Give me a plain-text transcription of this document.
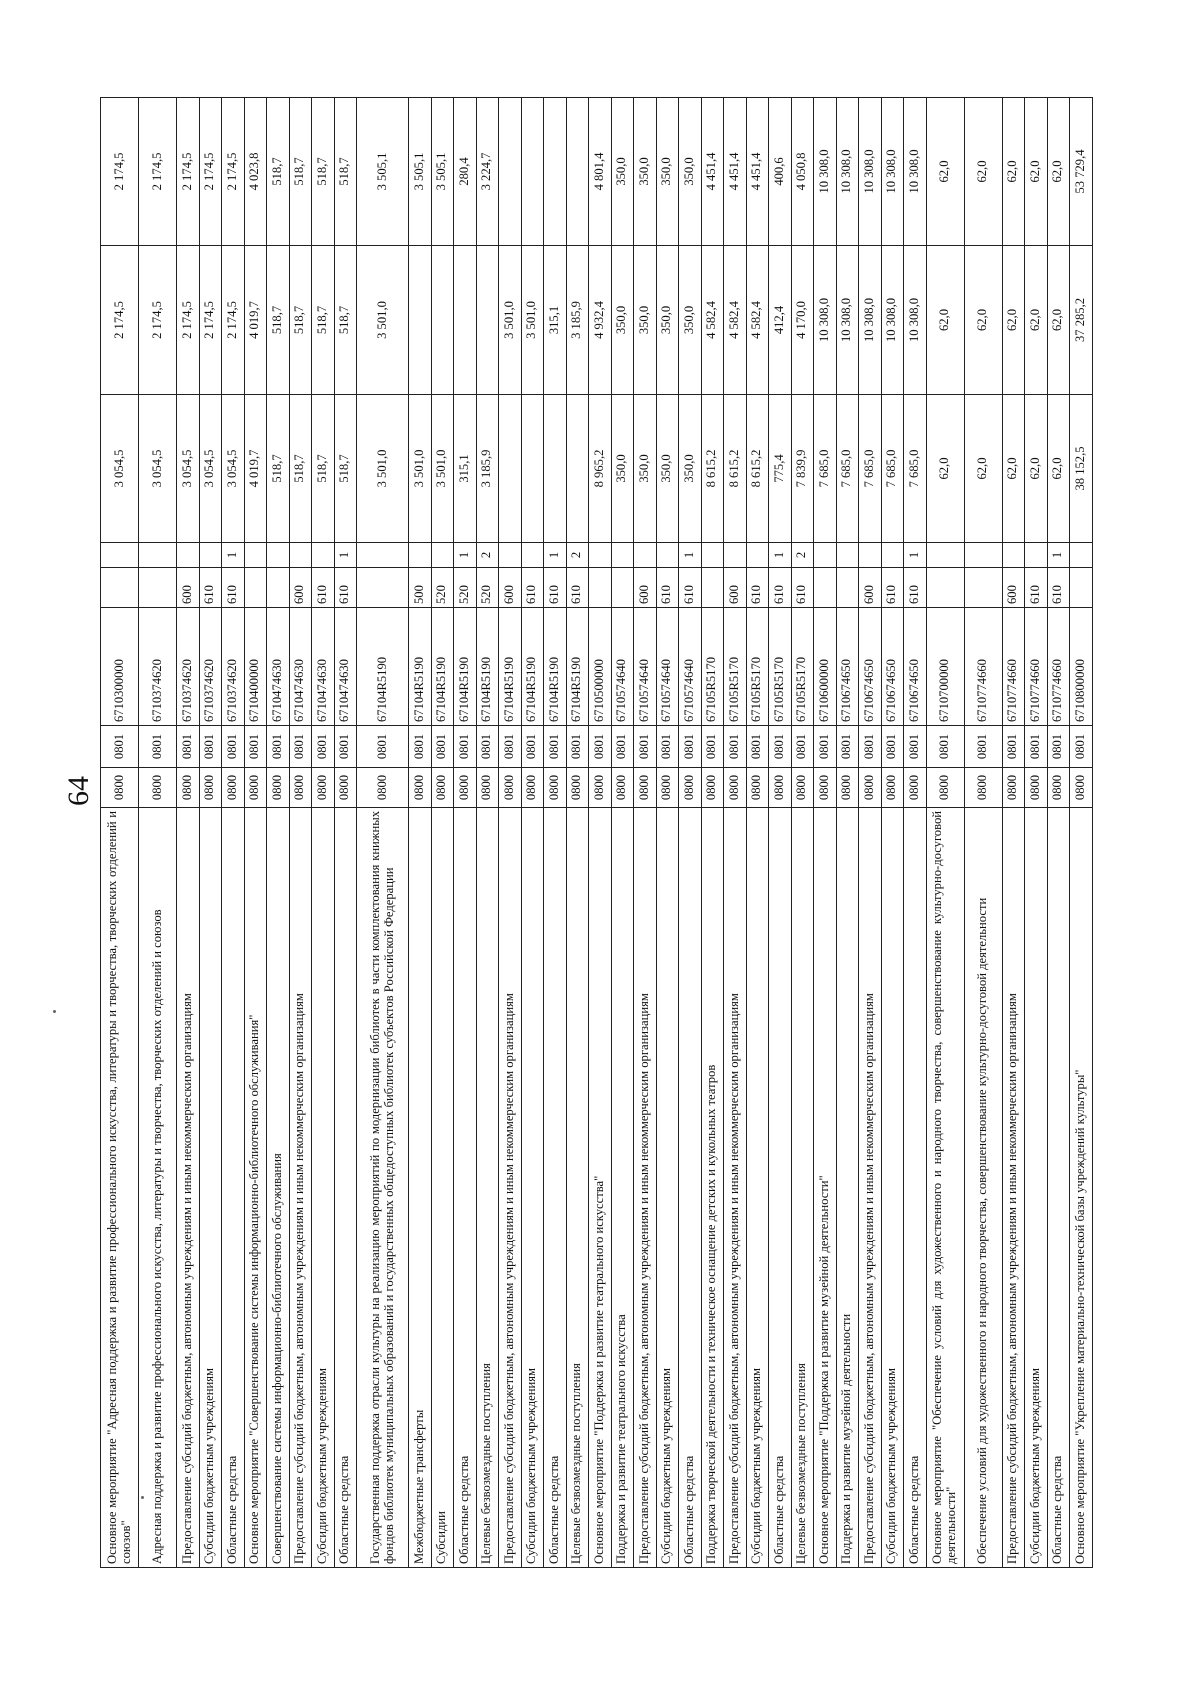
64
Основное мероприятие "Адресная поддержка и развитие профессионального искусства, литературы и творчества, творческих отделений и союзов"	0800	0801	6710300000			3 054,5	2 174,5	2 174,5
Адресная поддержка и развитие профессионального искусства, литературы и творчества, творческих отделений и союзов	0800	0801	6710374620			3 054,5	2 174,5	2 174,5
Предоставление субсидий бюджетным, автономным учреждениям и иным некоммерческим организациям	0800	0801	6710374620	600		3 054,5	2 174,5	2 174,5
Субсидии бюджетным учреждениям	0800	0801	6710374620	610		3 054,5	2 174,5	2 174,5
Областные средства	0800	0801	6710374620	610	1	3 054,5	2 174,5	2 174,5
Основное мероприятие "Совершенствование системы информационно-библиотечного обслуживания"	0800	0801	6710400000			4 019,7	4 019,7	4 023,8
Совершенствование системы информационно-библиотечного обслуживания	0800	0801	6710474630			518,7	518,7	518,7
Предоставление субсидий бюджетным, автономным учреждениям и иным некоммерческим организациям	0800	0801	6710474630	600		518,7	518,7	518,7
Субсидии бюджетным учреждениям	0800	0801	6710474630	610		518,7	518,7	518,7
Областные средства	0800	0801	6710474630	610	1	518,7	518,7	518,7
Государственная поддержка отрасли культуры на реализацию мероприятий по модернизации библиотек в части комплектования книжных фондов библиотек муниципальных образований и государственных общедоступных библиотек субъектов Российской Федерации	0800	0801	67104R5190			3 501,0	3 501,0	3 505,1
Межбюджетные трансферты	0800	0801	67104R5190	500		3 501,0		3 505,1
Субсидии	0800	0801	67104R5190	520		3 501,0		3 505,1
Областные средства	0800	0801	67104R5190	520	1	315,1		280,4
Целевые безвозмездные поступления	0800	0801	67104R5190	520	2	3 185,9		3 224,7
Предоставление субсидий бюджетным, автономным учреждениям и иным некоммерческим организациям	0800	0801	67104R5190	600			3 501,0	
Субсидии бюджетным учреждениям	0800	0801	67104R5190	610			3 501,0	
Областные средства	0800	0801	67104R5190	610	1		315,1	
Целевые безвозмездные поступления	0800	0801	67104R5190	610	2		3 185,9	
Основное мероприятие "Поддержка и развитие театрального искусства"	0800	0801	6710500000			8 965,2	4 932,4	4 801,4
Поддержка и развитие театрального искусства	0800	0801	6710574640			350,0	350,0	350,0
Предоставление субсидий бюджетным, автономным учреждениям и иным некоммерческим организациям	0800	0801	6710574640	600		350,0	350,0	350,0
Субсидии бюджетным учреждениям	0800	0801	6710574640	610		350,0	350,0	350,0
Областные средства	0800	0801	6710574640	610	1	350,0	350,0	350,0
Поддержка творческой деятельности и техническое оснащение детских и кукольных театров	0800	0801	67105R5170			8 615,2	4 582,4	4 451,4
Предоставление субсидий бюджетным, автономным учреждениям и иным некоммерческим организациям	0800	0801	67105R5170	600		8 615,2	4 582,4	4 451,4
Субсидии бюджетным учреждениям	0800	0801	67105R5170	610		8 615,2	4 582,4	4 451,4
Областные средства	0800	0801	67105R5170	610	1	775,4	412,4	400,6
Целевые безвозмездные поступления	0800	0801	67105R5170	610	2	7 839,9	4 170,0	4 050,8
Основное мероприятие "Поддержка и развитие музейной деятельности"	0800	0801	6710600000			7 685,0	10 308,0	10 308,0
Поддержка и развитие музейной деятельности	0800	0801	6710674650			7 685,0	10 308,0	10 308,0
Предоставление субсидий бюджетным, автономным учреждениям и иным некоммерческим организациям	0800	0801	6710674650	600		7 685,0	10 308,0	10 308,0
Субсидии бюджетным учреждениям	0800	0801	6710674650	610		7 685,0	10 308,0	10 308,0
Областные средства	0800	0801	6710674650	610	1	7 685,0	10 308,0	10 308,0
Основное мероприятие "Обеспечение условий для художественного и народного творчества, совершенствование культурно-досуговой деятельности"	0800	0801	6710700000			62,0	62,0	62,0
Обеспечение условий для художественного и народного творчества, совершенствование культурно-досуговой деятельности	0800	0801	6710774660			62,0	62,0	62,0
Предоставление субсидий бюджетным, автономным учреждениям и иным некоммерческим организациям	0800	0801	6710774660	600		62,0	62,0	62,0
Субсидии бюджетным учреждениям	0800	0801	6710774660	610		62,0	62,0	62,0
Областные средства	0800	0801	6710774660	610	1	62,0	62,0	62,0
Основное мероприятие "Укрепление материально-технической базы учреждений культуры"	0800	0801	6710800000			38 152,5	37 285,2	53 729,4
